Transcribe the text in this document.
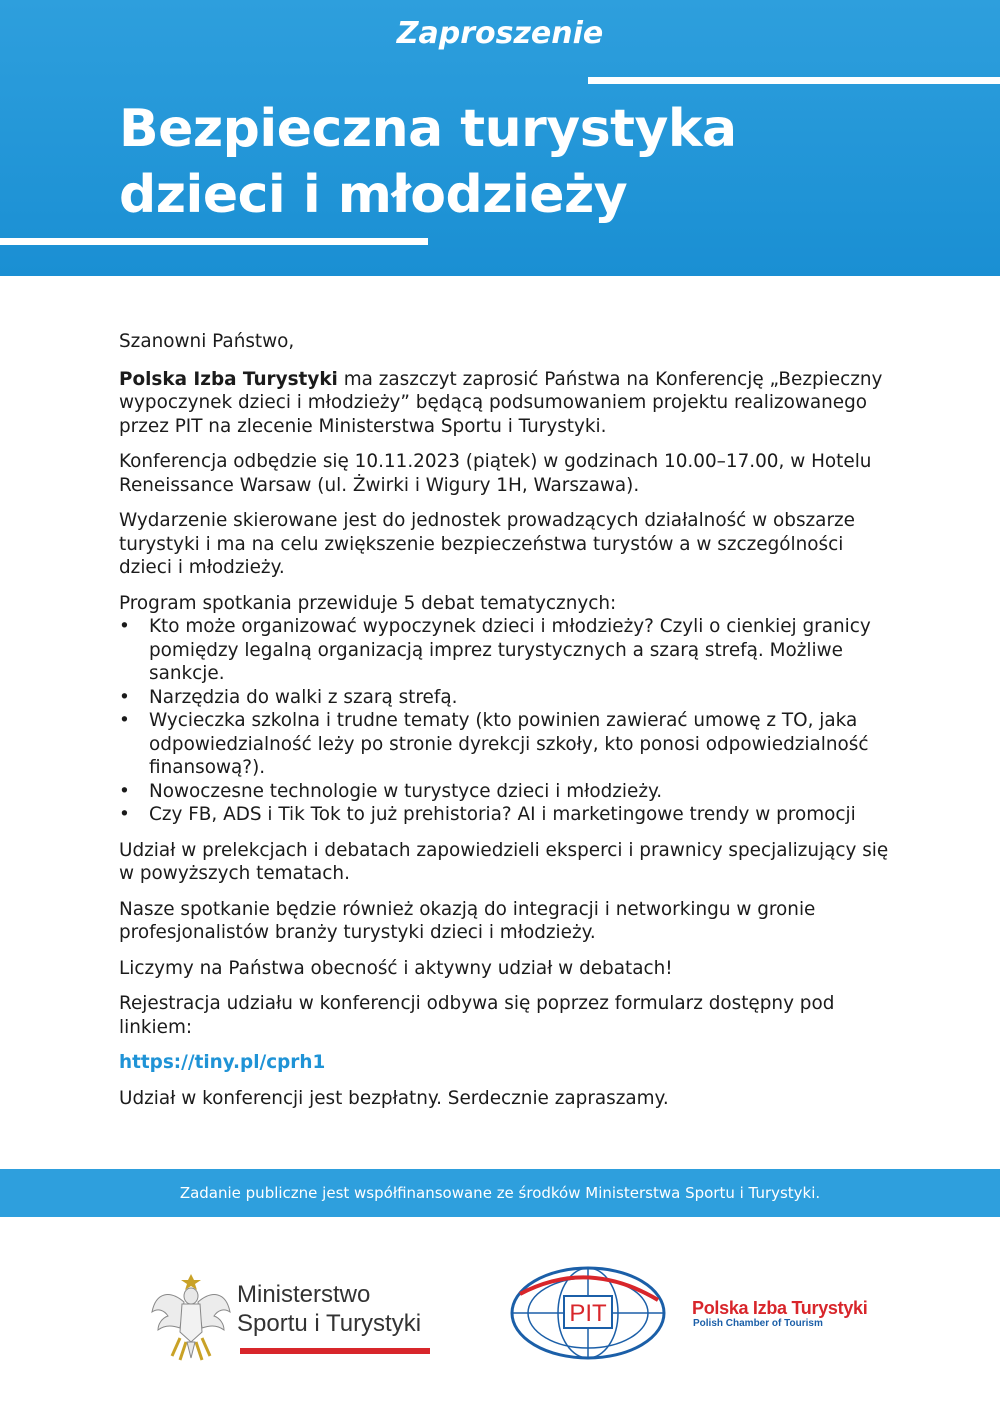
Zaproszenie
Bezpieczna turystyka
dzieci i młodzieży

Szanowni Państwo,

Polska Izba Turystyki ma zaszczyt zaprosić Państwa na Konferencję „Bezpieczny wypoczynek dzieci i młodzieży” będącą podsumowaniem projektu realizowanego przez PIT na zlecenie Ministerstwa Sportu i Turystyki.

Konferencja odbędzie się 10.11.2023 (piątek) w godzinach 10.00–17.00, w Hotelu Reneissance Warsaw (ul. Żwirki i Wigury 1H, Warszawa).

Wydarzenie skierowane jest do jednostek prowadzących działalność w obszarze turystyki i ma na celu zwiększenie bezpieczeństwa turystów a w szczególności dzieci i młodzieży.

Program spotkania przewiduje 5 debat tematycznych:

• Kto może organizować wypoczynek dzieci i młodzieży? Czyli o cienkiej granicy pomiędzy legalną organizacją imprez turystycznych a szarą strefą. Możliwe sankcje.
• Narzędzia do walki z szarą strefą.
• Wycieczka szkolna i trudne tematy (kto powinien zawierać umowę z TO, jaka odpowiedzialność leży po stronie dyrekcji szkoły, kto ponosi odpowiedzialność finansową?).
• Nowoczesne technologie w turystyce dzieci i młodzieży.
• Czy FB, ADS i Tik Tok to już prehistoria? AI i marketingowe trendy w promocji

Udział w prelekcjach i debatach zapowiedzieli eksperci i prawnicy specjalizujący się w powyższych tematach.

Nasze spotkanie będzie również okazją do integracji i networkingu w gronie profesjonalistów branży turystyki dzieci i młodzieży.

Liczymy na Państwa obecność i aktywny udział w debatach!

Rejestracja udziału w konferencji odbywa się poprzez formularz dostępny pod linkiem:

https://tiny.pl/cprh1

Udział w konferencji jest bezpłatny. Serdecznie zapraszamy.

Zadanie publiczne jest współfinansowane ze środków Ministerstwa Sportu i Turystyki.
Ministerstwo
Sportu i Turystyki	PIT	Polska Izba Turystyki
Polish Chamber of Tourism
